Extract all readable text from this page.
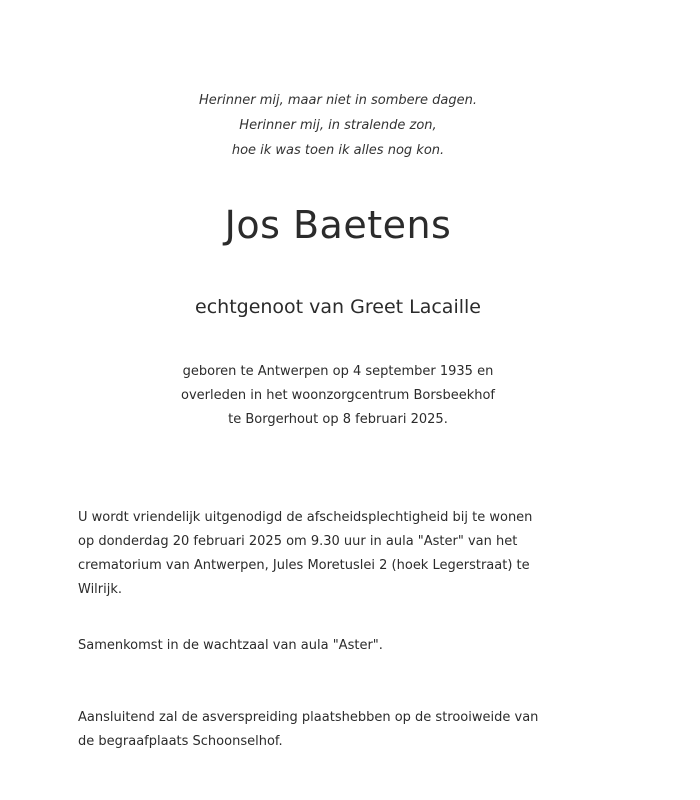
Herinner mij, maar niet in sombere dagen.
Herinner mij, in stralende zon,
hoe ik was toen ik alles nog kon.
Jos Baetens
echtgenoot van Greet Lacaille
geboren te Antwerpen op 4 september 1935 en
overleden in het woonzorgcentrum Borsbeekhof
te Borgerhout op 8 februari 2025.
U wordt vriendelijk uitgenodigd de afscheidsplechtigheid bij te wonen
op donderdag 20 februari 2025 om 9.30 uur in aula "Aster" van het
crematorium van Antwerpen, Jules Moretuslei 2 (hoek Legerstraat) te
Wilrijk.
Samenkomst in de wachtzaal van aula "Aster".
Aansluitend zal de asverspreiding plaatshebben op de strooiweide van
de begraafplaats Schoonselhof.
